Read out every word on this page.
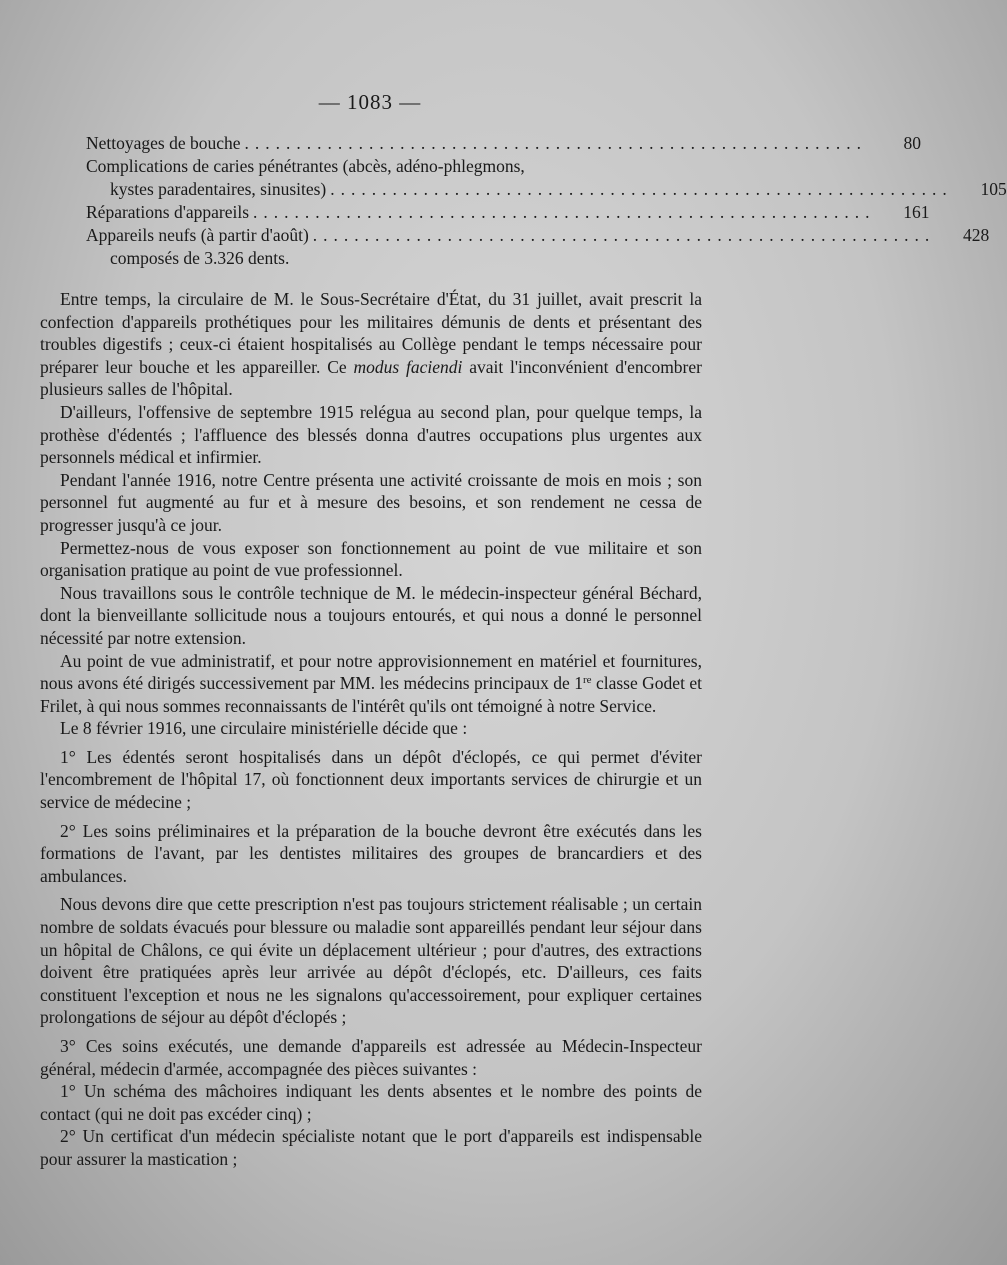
— 1083 —
Nettoyages de bouche ............................................................	80
Complications de caries pénétrantes (abcès, adéno-phlegmons,
kystes paradentaires, sinusites) ............................................................	105
Réparations d'appareils ............................................................	161
Appareils neufs (à partir d'août) ............................................................	428
composés de 3.326 dents.

Entre temps, la circulaire de M. le Sous-Secrétaire d'État, du 31 juillet, avait prescrit la confection d'appareils prothétiques pour les militaires démunis de dents et présentant des troubles digestifs ; ceux-ci étaient hospitalisés au Collège pendant le temps nécessaire pour préparer leur bouche et les appareiller. Ce modus faciendi avait l'inconvénient d'encombrer plusieurs salles de l'hôpital.

D'ailleurs, l'offensive de septembre 1915 relégua au second plan, pour quelque temps, la prothèse d'édentés ; l'affluence des blessés donna d'autres occupations plus urgentes aux personnels médical et infirmier.

Pendant l'année 1916, notre Centre présenta une activité croissante de mois en mois ; son personnel fut augmenté au fur et à mesure des besoins, et son rendement ne cessa de progresser jusqu'à ce jour.

Permettez-nous de vous exposer son fonctionnement au point de vue militaire et son organisation pratique au point de vue professionnel.

Nous travaillons sous le contrôle technique de M. le médecin-inspecteur général Béchard, dont la bienveillante sollicitude nous a toujours entourés, et qui nous a donné le personnel nécessité par notre extension.

Au point de vue administratif, et pour notre approvisionnement en matériel et fournitures, nous avons été dirigés successivement par MM. les médecins principaux de 1re classe Godet et Frilet, à qui nous sommes reconnaissants de l'intérêt qu'ils ont témoigné à notre Service.

Le 8 février 1916, une circulaire ministérielle décide que :

1° Les édentés seront hospitalisés dans un dépôt d'éclopés, ce qui permet d'éviter l'encombrement de l'hôpital 17, où fonctionnent deux importants services de chirurgie et un service de médecine ;

2° Les soins préliminaires et la préparation de la bouche devront être exécutés dans les formations de l'avant, par les dentistes militaires des groupes de brancardiers et des ambulances.

Nous devons dire que cette prescription n'est pas toujours strictement réalisable ; un certain nombre de soldats évacués pour blessure ou maladie sont appareillés pendant leur séjour dans un hôpital de Châlons, ce qui évite un déplacement ultérieur ; pour d'autres, des extractions doivent être pratiquées après leur arrivée au dépôt d'éclopés, etc. D'ailleurs, ces faits constituent l'exception et nous ne les signalons qu'accessoirement, pour expliquer certaines prolongations de séjour au dépôt d'éclopés ;

3° Ces soins exécutés, une demande d'appareils est adressée au Médecin-Inspecteur général, médecin d'armée, accompagnée des pièces suivantes :

1° Un schéma des mâchoires indiquant les dents absentes et le nombre des points de contact (qui ne doit pas excéder cinq) ;

2° Un certificat d'un médecin spécialiste notant que le port d'appareils est indispensable pour assurer la mastication ;
